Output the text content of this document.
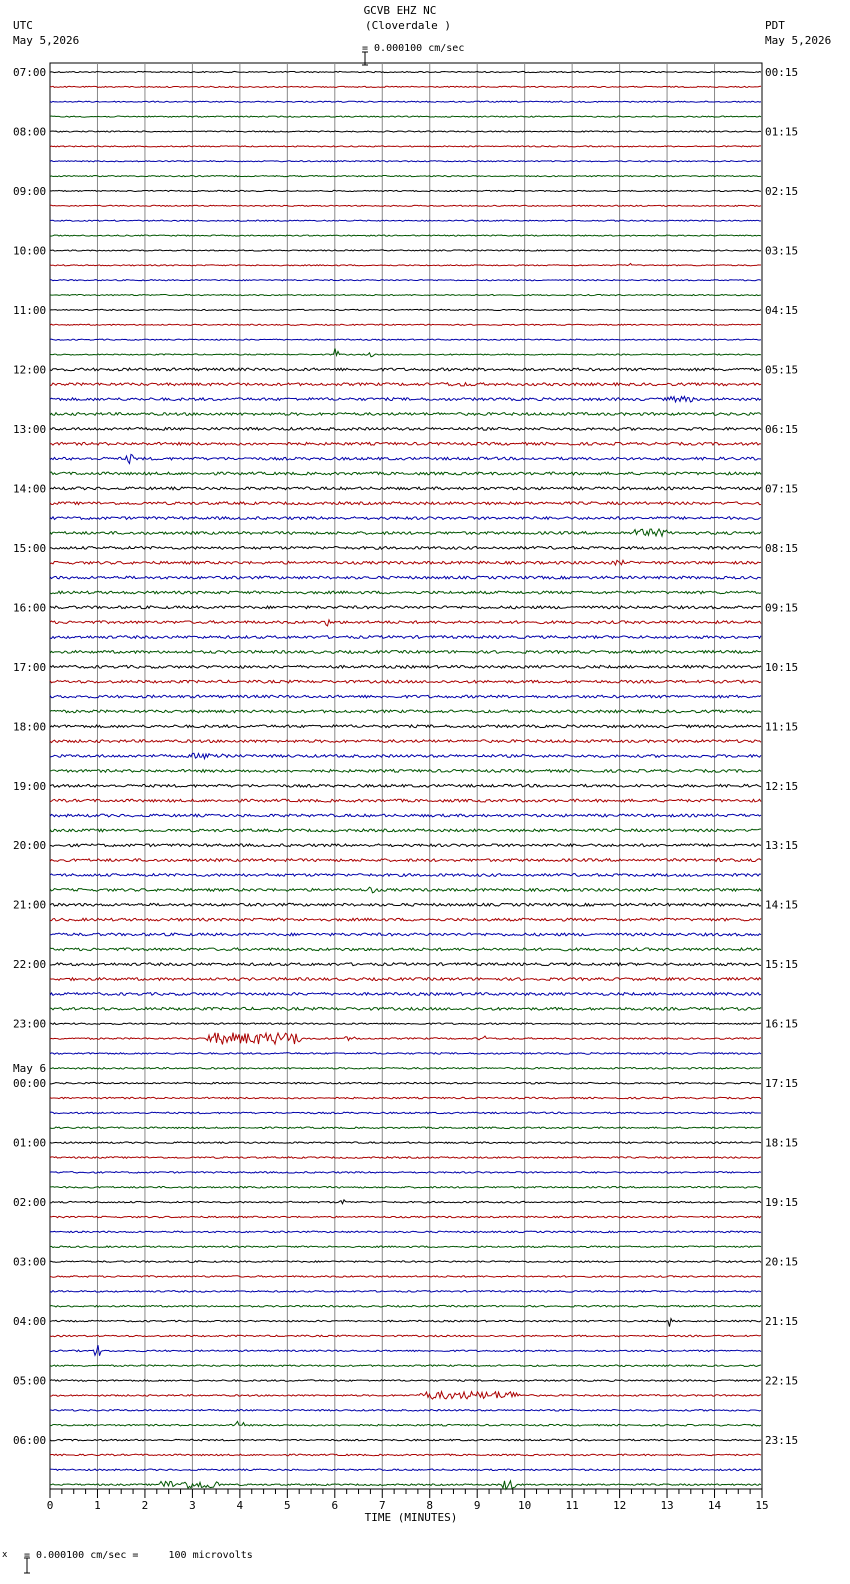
GCVB EHZ NC
(Cloverdale )
UTC
May 5,2026
PDT
May 5,2026

= 0.000100 cm/sec
07:00
08:00
09:00
10:00
11:00
12:00
13:00
14:00
15:00
16:00
17:00
18:00
19:00
20:00
21:00
22:00
23:00
May 6
00:00
01:00
02:00
03:00
04:00
05:00
06:00
00:15
01:15
02:15
03:15
04:15
05:15
06:15
07:15
08:15
09:15
10:15
11:15
12:15
13:15
14:15
15:15
16:15
17:15
18:15
19:15
20:15
21:15
22:15
23:15
0	1	2	3	4	5	6	7	8	9	10	11	12	13	14	15
TIME (MINUTES)
x

= 0.000100 cm/sec =     100 microvolts
